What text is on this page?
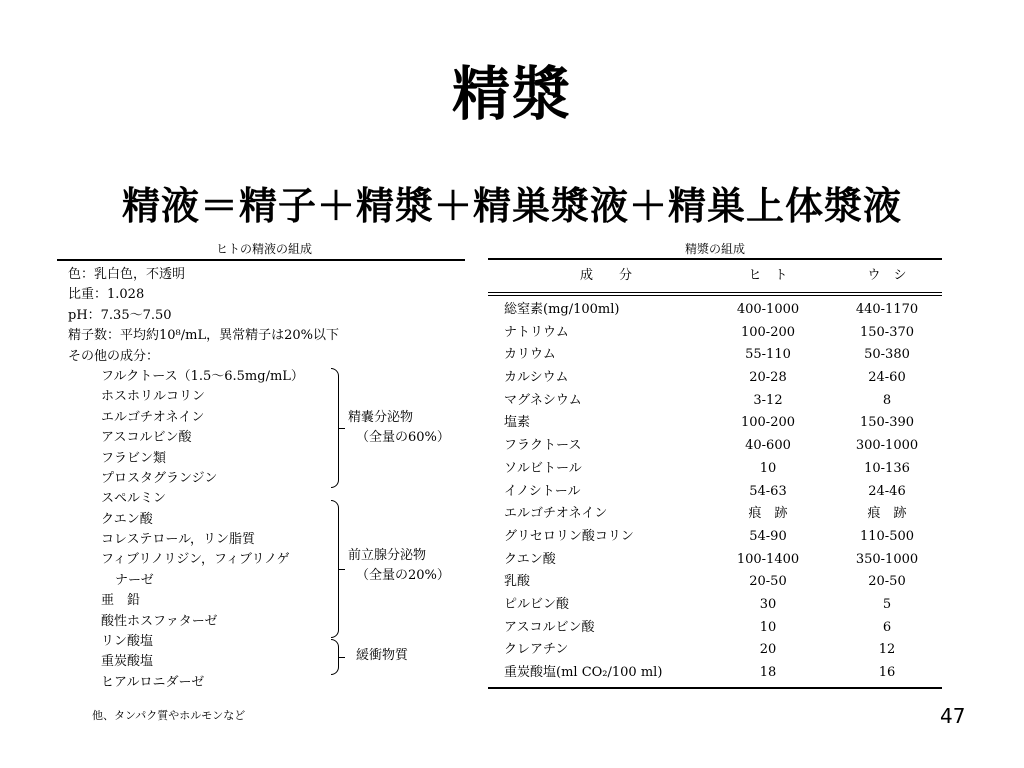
精漿
精液＝精子＋精漿＋精巣漿液＋精巣上体漿液
ヒトの精液の組成
色：乳白色，不透明
比重：1.028
pH：7.35〜7.50
精子数：平均約10⁸/mL，異常精子は20%以下
その他の成分：
フルクトース（1.5〜6.5mg/mL）
ホスホリルコリン
エルゴチオネイン
アスコルビン酸
フラビン類
プロスタグランジン
スペルミン
クエン酸
コレステロール，リン脂質
フィブリノリジン，フィブリノゲ
ナーゼ
亜　鉛
酸性ホスファターゼ
リン酸塩
重炭酸塩
ヒアルロニダーゼ
精嚢分泌物
（全量の60%）
前立腺分泌物
（全量の20%）
緩衝物質
他、タンパク質やホルモンなど
精漿の組成
成　　分	ヒ　ト	ウ　シ
総窒素(mg/100ml)	400-1000	440-1170
ナトリウム	100-200	150-370
カリウム	55-110	50-380
カルシウム	20-28	24-60
マグネシウム	3-12	8
塩素	100-200	150-390
フラクトース	40-600	300-1000
ソルビトール	10	10-136
イノシトール	54-63	24-46
エルゴチオネイン	痕　跡	痕　跡
グリセロリン酸コリン	54-90	110-500
クエン酸	100-1400	350-1000
乳酸	20-50	20-50
ピルビン酸	30	5
アスコルビン酸	10	6
クレアチン	20	12
重炭酸塩(ml CO₂/100 ml)	18	16
47
